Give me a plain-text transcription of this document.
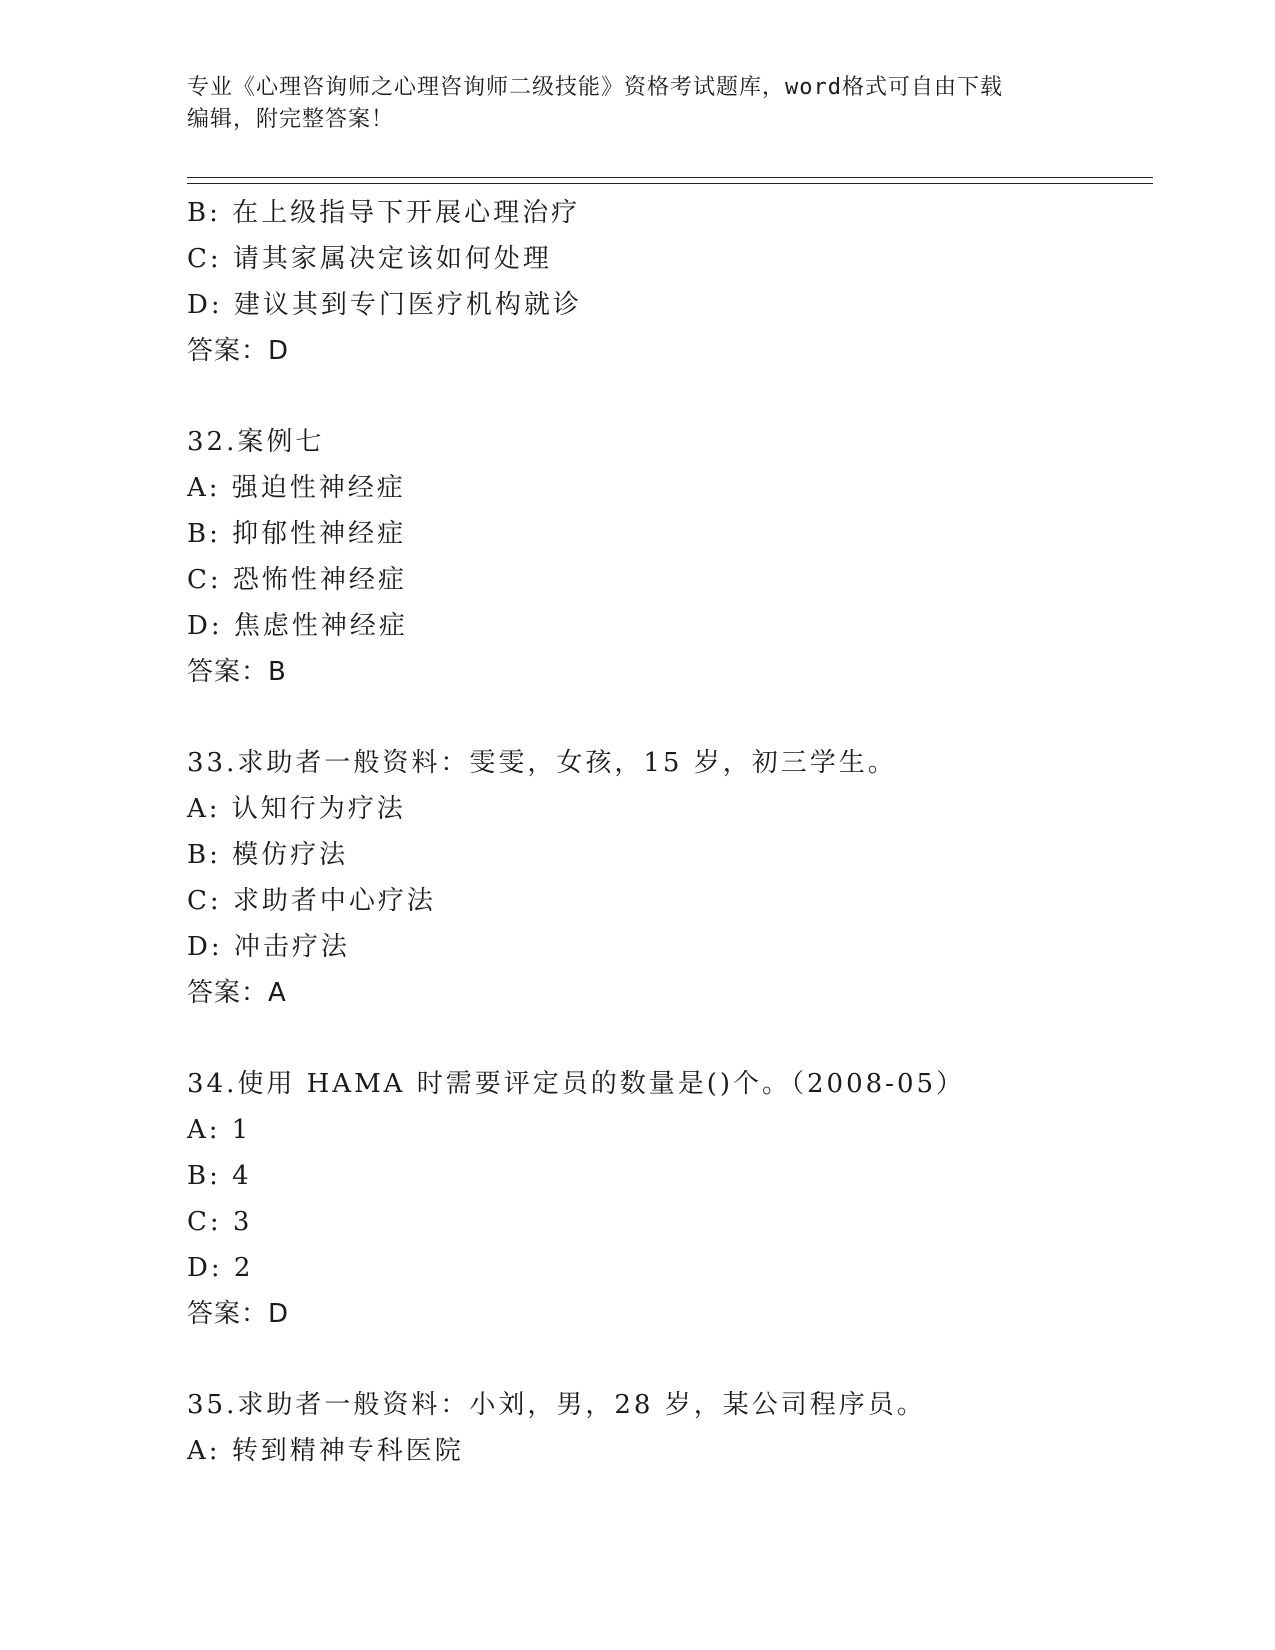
专业《心理咨询师之心理咨询师二级技能》资格考试题库，word格式可自由下载
编辑，附完整答案！
B: 在上级指导下开展心理治疗
C: 请其家属决定该如何处理
D: 建议其到专门医疗机构就诊
答案：D
32.案例七
A: 强迫性神经症
B: 抑郁性神经症
C: 恐怖性神经症
D: 焦虑性神经症
答案：B
33.求助者一般资料：雯雯，女孩，15 岁，初三学生。
A: 认知行为疗法
B: 模仿疗法
C: 求助者中心疗法
D: 冲击疗法
答案：A
34.使用 HAMA 时需要评定员的数量是()个。（2008-05）
A: 1
B: 4
C: 3
D: 2
答案：D
35.求助者一般资料：小刘，男，28 岁，某公司程序员。
A: 转到精神专科医院
